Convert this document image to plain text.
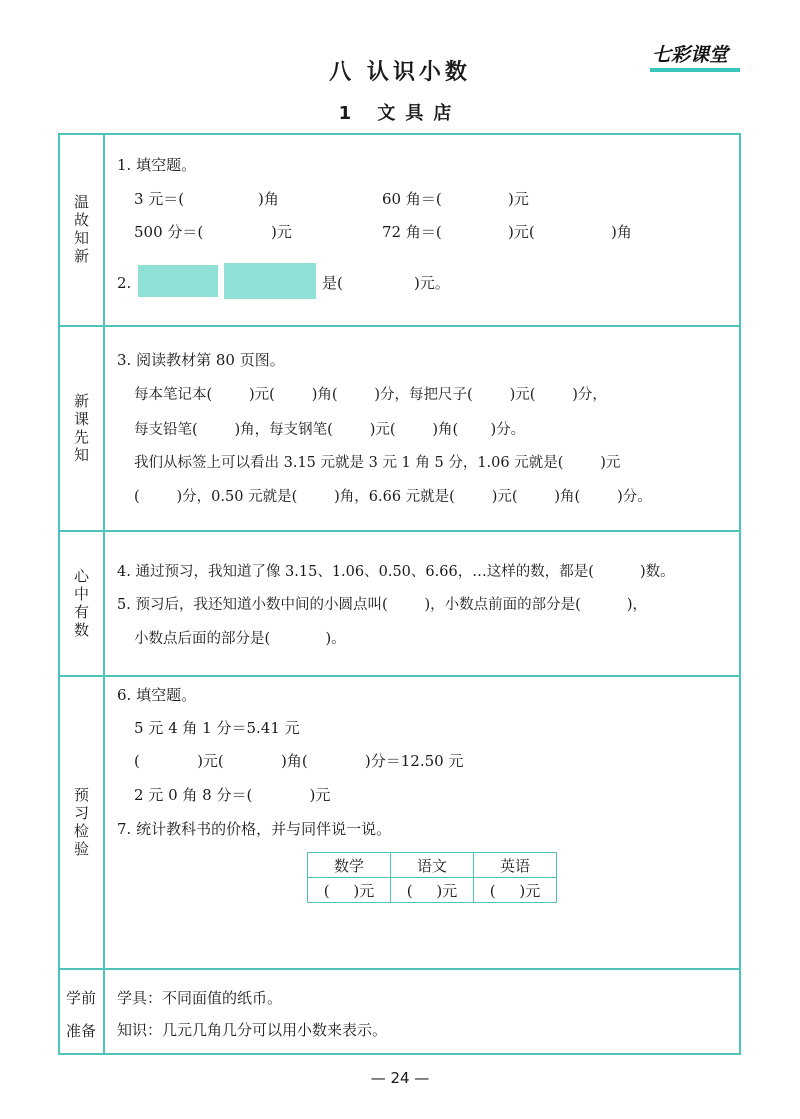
八 认识小数
1 文具店
七彩课堂
温故知新
新课先知
心中有数
预习检验
学前
准备
1. 填空题。
3 元＝(	)角	60 角＝(	)元
500 分＝(	)元	72 角＝(	)元(	)角
2.	是(	)元。
3. 阅读教材第 80 页图。
每本笔记本(        )元(        )角(        )分，每把尺子(        )元(        )分，
每支铅笔(        )角，每支钢笔(        )元(        )角(       )分。
我们从标签上可以看出 3.15 元就是 3 元 1 角 5 分，1.06 元就是(        )元
(        )分，0.50 元就是(        )角，6.66 元就是(        )元(        )角(        )分。
4. 通过预习，我知道了像 3.15、1.06、0.50、6.66，…这样的数，都是(          )数。
5. 预习后，我还知道小数中间的小圆点叫(        )，小数点前面的部分是(          )，
小数点后面的部分是(            )。
6. 填空题。
5 元 4 角 1 分＝5.41 元
(            )元(            )角(            )分＝12.50 元
2 元 0 角 8 分＝(            )元
7. 统计教科书的价格，并与同伴说一说。
数学	语文	英语
(     )元	(     )元	(     )元
学具：不同面值的纸币。
知识：几元几角几分可以用小数来表示。
— 24 —
